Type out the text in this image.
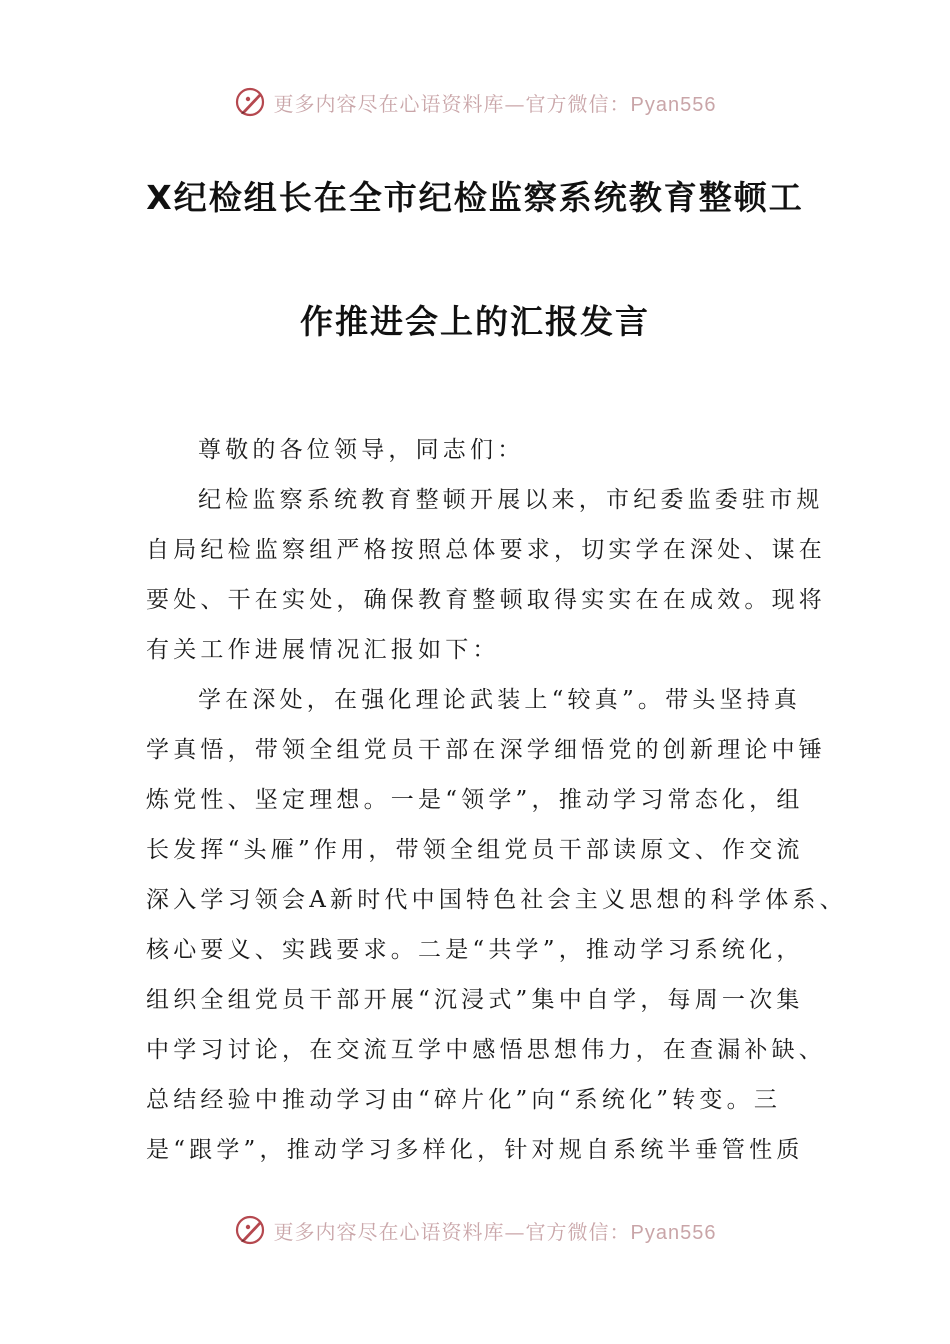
更多内容尽在心语资料库—官方微信：Pyan556
X纪检组长在全市纪检监察系统教育整顿工
作推进会上的汇报发言
尊敬的各位领导，同志们：
纪检监察系统教育整顿开展以来，市纪委监委驻市规
自局纪检监察组严格按照总体要求，切实学在深处、谋在
要处、干在实处，确保教育整顿取得实实在在成效。现将
有关工作进展情况汇报如下：
学在深处，在强化理论武装上“较真”。带头坚持真
学真悟，带领全组党员干部在深学细悟党的创新理论中锤
炼党性、坚定理想。一是“领学”，推动学习常态化，组
长发挥“头雁”作用，带领全组党员干部读原文、作交流
深入学习领会A新时代中国特色社会主义思想的科学体系、
核心要义、实践要求。二是“共学”，推动学习系统化，
组织全组党员干部开展“沉浸式”集中自学，每周一次集
中学习讨论，在交流互学中感悟思想伟力，在查漏补缺、
总结经验中推动学习由“碎片化”向“系统化”转变。三
是“跟学”，推动学习多样化，针对规自系统半垂管性质
更多内容尽在心语资料库—官方微信：Pyan556
